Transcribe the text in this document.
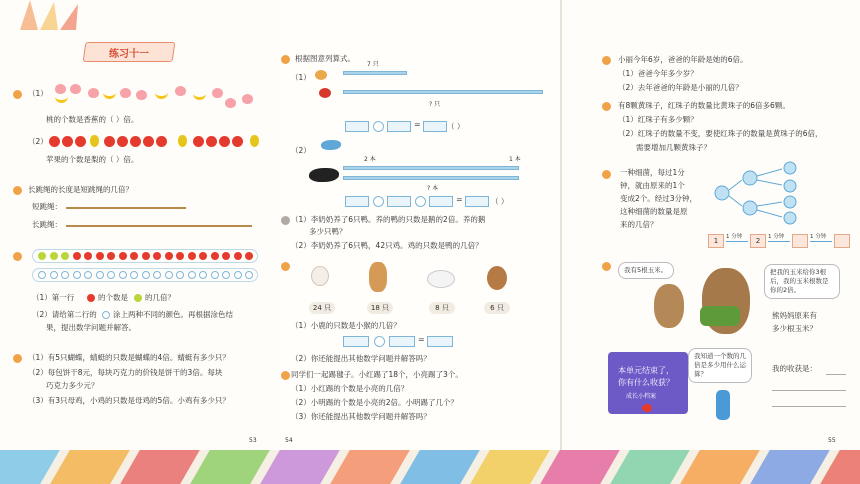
练习十一
（1）
桃的个数是香蕉的（ ）倍。
（2）
苹果的个数是梨的（ ）倍。
长跳绳的长度是短跳绳的几倍？
短跳绳：
长跳绳：
（1）第一行	的个数是 的几倍？
（2）请给第二行的 涂上两种不同的颜色。再根据涂色结
果，提出数学问题并解答。
（1）有5只蝴蝶，蜻蜓的只数是蝴蝶的4倍。蜻蜓有多少只？
（2）每包饼干8元，每块巧克力的价钱是饼干的3倍。每块
巧克力多少元？
（3）有3只母鸡，小鸡的只数是母鸡的5倍。小鸡有多少只？
53
根据图意列算式。
（1）
7 只
? 只
=	（ ）
（2）
2 本	1 本
? 本
=	（ ）
（1）李奶奶养了6只鸭。养的鸭的只数是鹅的2倍。养的鹅
多少只鸭？
（2）李奶奶养了6只鸭，42只鸡。鸡的只数是鸭的几倍？
24 只	18 只	8 只	6 只
（1）小鹿的只数是小猴的几倍？
=
（2）你还能提出其他数学问题并解答吗？
同学们一起踢毽子。小红踢了18个，小亮踢了3个。
（1）小红踢的个数是小亮的几倍？
（2）小明踢的个数是小亮的2倍。小明踢了几个？
（3）你还能提出其他数学问题并解答吗？
54
小丽今年6岁，爸爸的年龄是她的6倍。
（1）爸爸今年多少岁？
（2）去年爸爸的年龄是小丽的几倍？
有8颗黄珠子，红珠子的数量比黄珠子的6倍多6颗。
（1）红珠子有多少颗？
（2）红珠子的数量不变，要使红珠子的数量是黄珠子的6倍，
需要增加几颗黄珠子？
一种细菌，每过1分
钟，就由原来的1个
变成2个。经过3分钟，
这种细菌的数量是原
来的几倍？
1	1 分钟	2	1 分钟	1 分钟
我有5根玉米。	把我的玉米给你3根后，我的玉米根数是你的2倍。
熊妈妈原来有
多少根玉米？
我的收获是：
我知道一个数的几倍是多少用什么运算？
55
本单元结束了，
你有什么收获？
成长小档案
